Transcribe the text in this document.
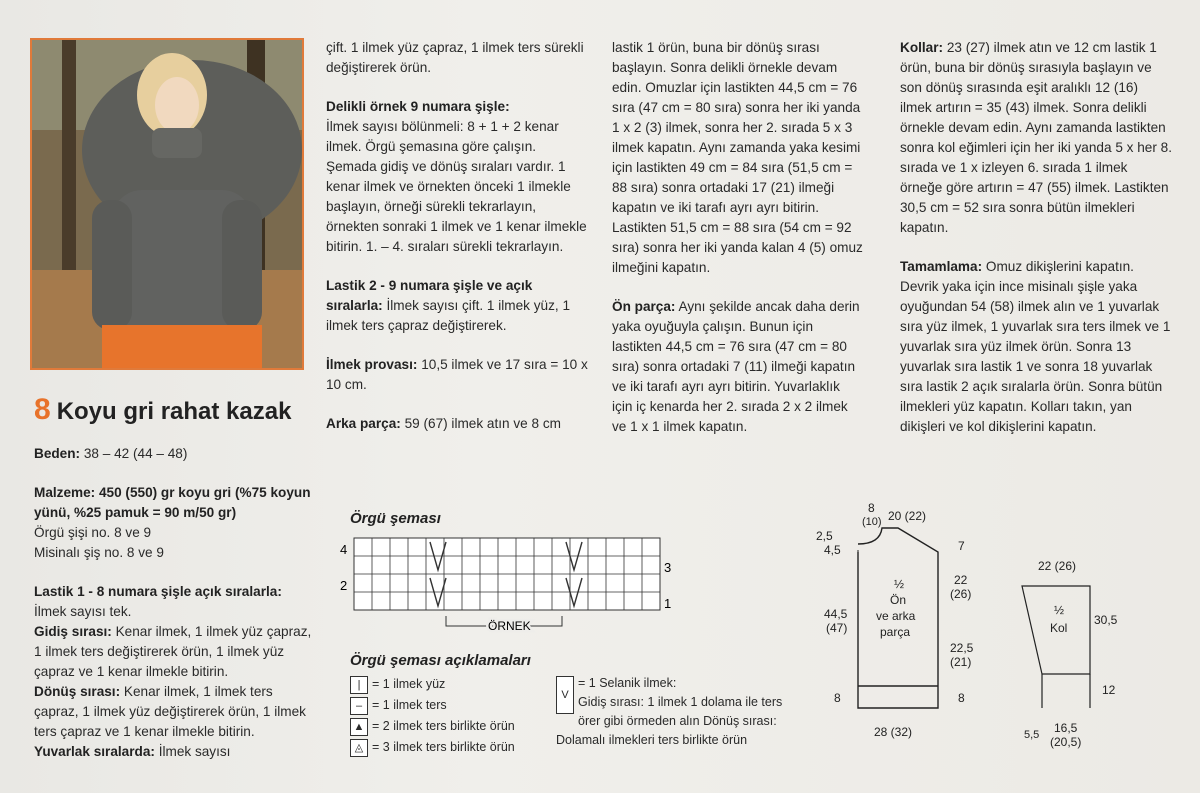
8 Koyu gri rahat kazak

Beden: 38 – 42 (44 – 48)

Malzeme: 450 (550) gr koyu gri (%75 koyun yünü, %25 pamuk = 90 m/50 gr)
Örgü şişi no. 8 ve 9
Misinalı şiş no. 8 ve 9
Lastik 1 - 8 numara şişle açık sıralarla: İlmek sayısı tek.
Gidiş sırası: Kenar ilmek, 1 ilmek yüz çapraz, 1 ilmek ters değiştirerek örün, 1 ilmek yüz çapraz ve 1 kenar ilmekle bitirin.
Dönüş sırası: Kenar ilmek, 1 ilmek ters çapraz, 1 ilmek yüz değiştirerek örün, 1 ilmek ters çapraz ve 1 kenar ilmekle bitirin. Yuvarlak sıralarda: İlmek sayısı

çift. 1 ilmek yüz çapraz, 1 ilmek ters sürekli değiştirerek örün.

Delikli örnek 9 numara şişle:
İlmek sayısı bölünmeli: 8 + 1 + 2 kenar ilmek. Örgü şemasına göre çalışın. Şemada gidiş ve dönüş sıraları vardır. 1 kenar ilmek ve örnekten önceki 1 ilmekle başlayın, örneği sürekli tekrarlayın, örnekten sonraki 1 ilmek ve 1 kenar ilmekle bitirin. 1. – 4. sıraları sürekli tekrarlayın.

Lastik 2 - 9 numara şişle ve açık sıralarla: İlmek sayısı çift. 1 ilmek yüz, 1 ilmek ters çapraz değiştirerek.

İlmek provası: 10,5 ilmek ve 17 sıra = 10 x 10 cm.

Arka parça: 59 (67) ilmek atın ve 8 cm

lastik 1 örün, buna bir dönüş sırası başlayın. Sonra delikli örnekle devam edin. Omuzlar için lastikten 44,5 cm = 76 sıra (47 cm = 80 sıra) sonra her iki yanda 1 x 2 (3) ilmek, sonra her 2. sırada 5 x 3 ilmek kapatın. Aynı zamanda yaka kesimi için lastikten 49 cm = 84 sıra (51,5 cm = 88 sıra) sonra ortadaki 17 (21) ilmeği kapatın ve iki tarafı ayrı ayrı bitirin. Lastikten 51,5 cm = 88 sıra (54 cm = 92 sıra) sonra her iki yanda kalan 4 (5) omuz ilmeğini kapatın.

Ön parça: Aynı şekilde ancak daha derin yaka oyuğuyla çalışın. Bunun için lastikten 44,5 cm = 76 sıra (47 cm = 80 sıra) sonra ortadaki 7 (11) ilmeği kapatın ve iki tarafı ayrı ayrı bitirin. Yuvarlaklık için iç kenarda her 2. sırada 2 x 2 ilmek ve 1 x 1 ilmek kapatın.

Kollar: 23 (27) ilmek atın ve 12 cm lastik 1 örün, buna bir dönüş sırasıyla başlayın ve son dönüş sırasında eşit aralıklı 12 (16) ilmek artırın = 35 (43) ilmek. Sonra delikli örnekle devam edin. Aynı zamanda lastikten sonra kol eğimleri için her iki yanda 5 x her 8. sırada ve 1 x izleyen 6. sırada 1 ilmek örneğe göre artırın = 47 (55) ilmek. Lastikten 30,5 cm = 52 sıra sonra bütün ilmekleri kapatın.

Tamamlama: Omuz dikişlerini kapatın. Devrik yaka için ince misinalı şişle yaka oyuğundan 54 (58) ilmek alın ve 1 yuvarlak sıra yüz ilmek, 1 yuvarlak sıra ters ilmek ve 1 yuvarlak sıra yüz ilmek örün. Sonra 13 yuvarlak sıra lastik 1 ve sonra 18 yuvarlak sıra lastik 2 açık sıralarla örün. Sonra bütün ilmekleri yüz kapatın. Kolları takın, yan dikişleri ve kol dikişlerini kapatın.

Örgü şeması
4
2
3
1
ÖRNEK
Örgü şeması açıklamaları
| = 1 ilmek yüz
– = 1 ilmek ters
▲ = 2 ilmek ters birlikte örün
◬ = 3 ilmek ters birlikte örün
V
= 1 Selanik ilmek:
Gidiş sırası: 1 ilmek 1 dolama ile ters örer gibi örmeden alın Dönüş sırası: Dolamalı ilmekleri ters birlikte örün
8
(10) 20 (22)
2,5
4,5	7
22
(26)
44,5
(47)
22,5
(21)
8	8
28 (32)
½
Ön
ve arka
parça
22 (26)
30,5
12
5,5 16,5
(20,5)
½
Kol
